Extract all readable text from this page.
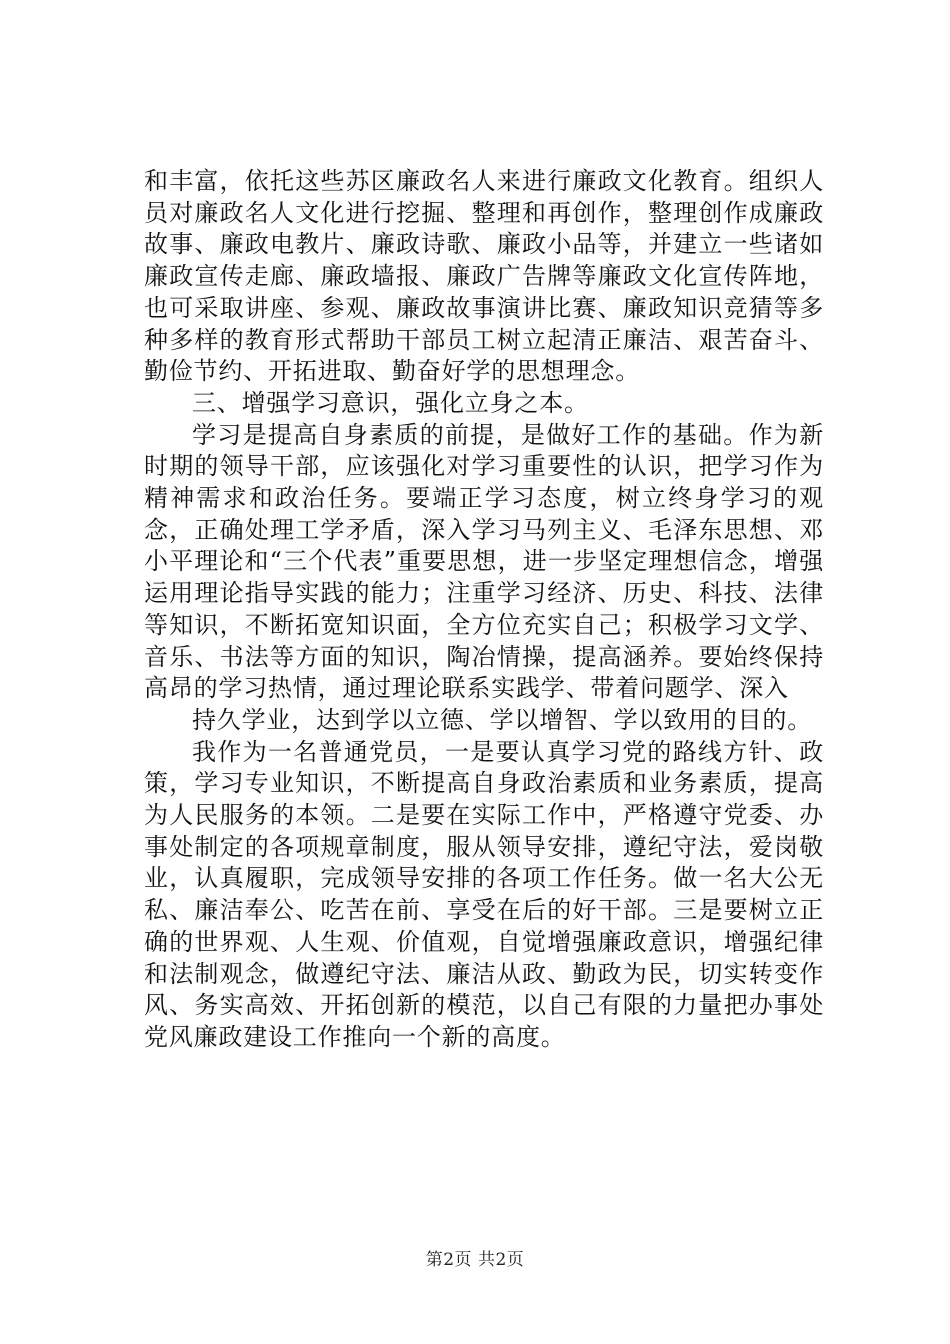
和丰富，依托这些苏区廉政名人来进行廉政文化教育。组织人员对廉政名人文化进行挖掘、整理和再创作，整理创作成廉政故事、廉政电教片、廉政诗歌、廉政小品等，并建立一些诸如廉政宣传走廊、廉政墙报、廉政广告牌等廉政文化宣传阵地，也可采取讲座、参观、廉政故事演讲比赛、廉政知识竞猜等多种多样的教育形式帮助干部员工树立起清正廉洁、艰苦奋斗、勤俭节约、开拓进取、勤奋好学的思想理念。

三、增强学习意识，强化立身之本。

学习是提高自身素质的前提，是做好工作的基础。作为新时期的领导干部，应该强化对学习重要性的认识，把学习作为精神需求和政治任务。要端正学习态度，树立终身学习的观念，正确处理工学矛盾，深入学习马列主义、毛泽东思想、邓小平理论和“三个代表”重要思想，进一步坚定理想信念，增强运用理论指导实践的能力；注重学习经济、历史、科技、法律等知识，不断拓宽知识面，全方位充实自己；积极学习文学、音乐、书法等方面的知识，陶冶情操，提高涵养。要始终保持高昂的学习热情，通过理论联系实践学、带着问题学、深入

持久学业，达到学以立德、学以增智、学以致用的目的。

我作为一名普通党员，一是要认真学习党的路线方针、政策，学习专业知识，不断提高自身政治素质和业务素质，提高为人民服务的本领。二是要在实际工作中，严格遵守党委、办事处制定的各项规章制度，服从领导安排，遵纪守法，爱岗敬业，认真履职，完成领导安排的各项工作任务。做一名大公无私、廉洁奉公、吃苦在前、享受在后的好干部。三是要树立正确的世界观、人生观、价值观，自觉增强廉政意识，增强纪律和法制观念，做遵纪守法、廉洁从政、勤政为民，切实转变作风、务实高效、开拓创新的模范，以自己有限的力量把办事处党风廉政建设工作推向一个新的高度。

第2页 共2页
